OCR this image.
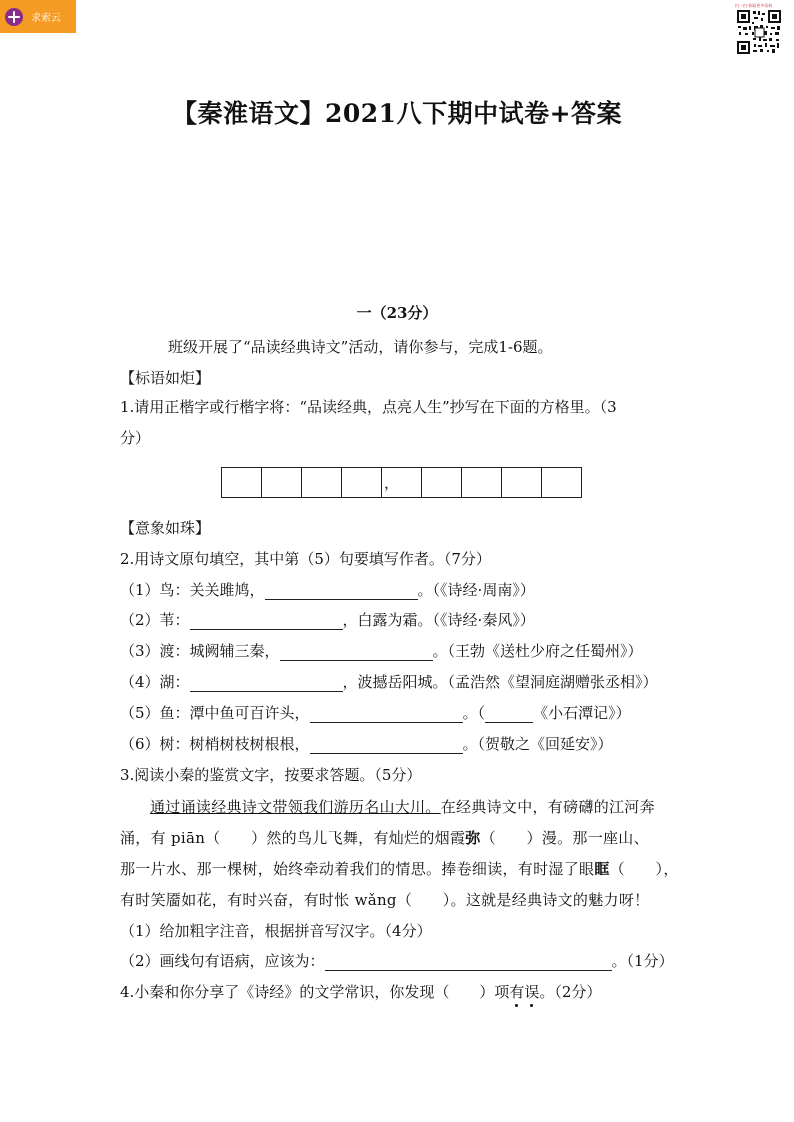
求索云
扫一扫·获取更多资料
【秦淮语文】2021八下期中试卷+答案
一（23分）
班级开展了“品读经典诗文”活动，请你参与，完成1-6题。
【标语如炬】
1.请用正楷字或行楷字将：“品读经典，点亮人生”抄写在下面的方格里。（3
分）
，
【意象如珠】
2.用诗文原句填空，其中第（5）句要填写作者。（7分）
（1）鸟：关关雎鸠，	。（《诗经·周南》）
（2）苇：	，白露为霜。（《诗经·秦风》）
（3）渡：城阙辅三秦，	。（王勃《送杜少府之任蜀州》）
（4）湖：	，波撼岳阳城。（孟浩然《望洞庭湖赠张丞相》）
（5）鱼：潭中鱼可百许头，	。（	《小石潭记》）
（6）树：树梢树枝树根根，	。（贺敬之《回延安》）
3.阅读小秦的鉴赏文字，按要求答题。（5分）
通过诵读经典诗文带领我们游历名山大川。在经典诗文中，有磅礴的江河奔
涌，有 piān（　　）然的鸟儿飞舞，有灿烂的烟霞弥（　　）漫。那一座山、
那一片水、那一棵树，始终牵动着我们的情思。捧卷细读，有时湿了眼眶（　　），
有时笑靥如花，有时兴奋，有时怅 wǎng（　　）。这就是经典诗文的魅力呀！
（1）给加粗字注音，根据拼音写汉字。（4分）
（2）画线句有语病，应该为：	。（1分）
4.小秦和你分享了《诗经》的文学常识，你发现（　　）项有误。（2分）
